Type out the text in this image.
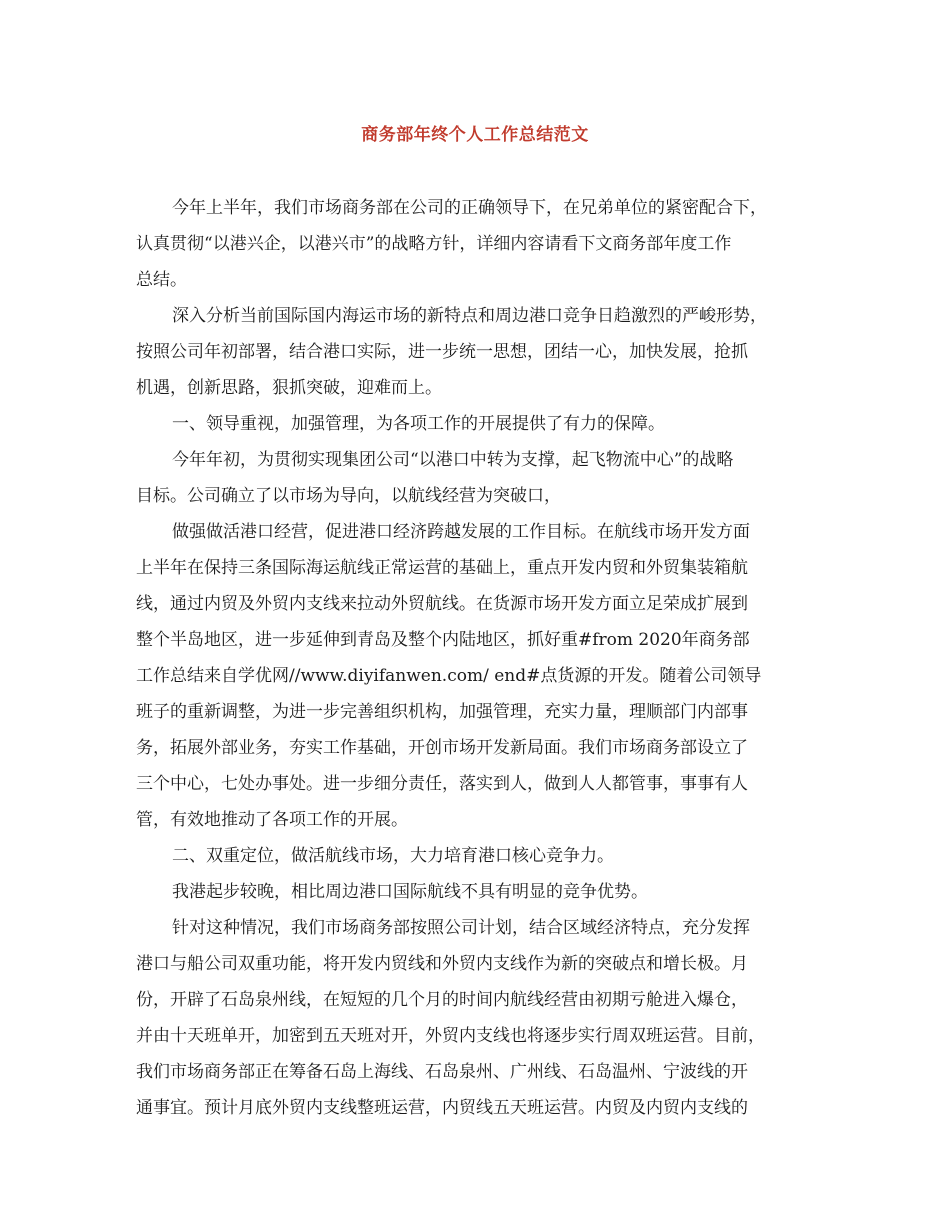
商务部年终个人工作总结范文
今年上半年，我们市场商务部在公司的正确领导下，在兄弟单位的紧密配合下，
认真贯彻“以港兴企，以港兴市”的战略方针，详细内容请看下文商务部年度工作
总结。
深入分析当前国际国内海运市场的新特点和周边港口竞争日趋激烈的严峻形势，
按照公司年初部署，结合港口实际，进一步统一思想，团结一心，加快发展，抢抓
机遇，创新思路，狠抓突破，迎难而上。
一、领导重视，加强管理，为各项工作的开展提供了有力的保障。
今年年初，为贯彻实现集团公司“以港口中转为支撑，起飞物流中心”的战略
目标。公司确立了以市场为导向，以航线经营为突破口，
做强做活港口经营，促进港口经济跨越发展的工作目标。在航线市场开发方面
上半年在保持三条国际海运航线正常运营的基础上，重点开发内贸和外贸集装箱航
线，通过内贸及外贸内支线来拉动外贸航线。在货源市场开发方面立足荣成扩展到
整个半岛地区，进一步延伸到青岛及整个内陆地区，抓好重#from 2020年商务部
工作总结来自学优网//www.diyifanwen.com/ end#点货源的开发。随着公司领导
班子的重新调整，为进一步完善组织机构，加强管理，充实力量，理顺部门内部事
务，拓展外部业务，夯实工作基础，开创市场开发新局面。我们市场商务部设立了
三个中心，七处办事处。进一步细分责任，落实到人，做到人人都管事，事事有人
管，有效地推动了各项工作的开展。
二、双重定位，做活航线市场，大力培育港口核心竞争力。
我港起步较晚，相比周边港口国际航线不具有明显的竞争优势。
针对这种情况，我们市场商务部按照公司计划，结合区域经济特点，充分发挥
港口与船公司双重功能，将开发内贸线和外贸内支线作为新的突破点和增长极。月
份，开辟了石岛泉州线，在短短的几个月的时间内航线经营由初期亏舱进入爆仓，
并由十天班单开，加密到五天班对开，外贸内支线也将逐步实行周双班运营。目前，
我们市场商务部正在筹备石岛上海线、石岛泉州、广州线、石岛温州、宁波线的开
通事宜。预计月底外贸内支线整班运营，内贸线五天班运营。内贸及内贸内支线的
